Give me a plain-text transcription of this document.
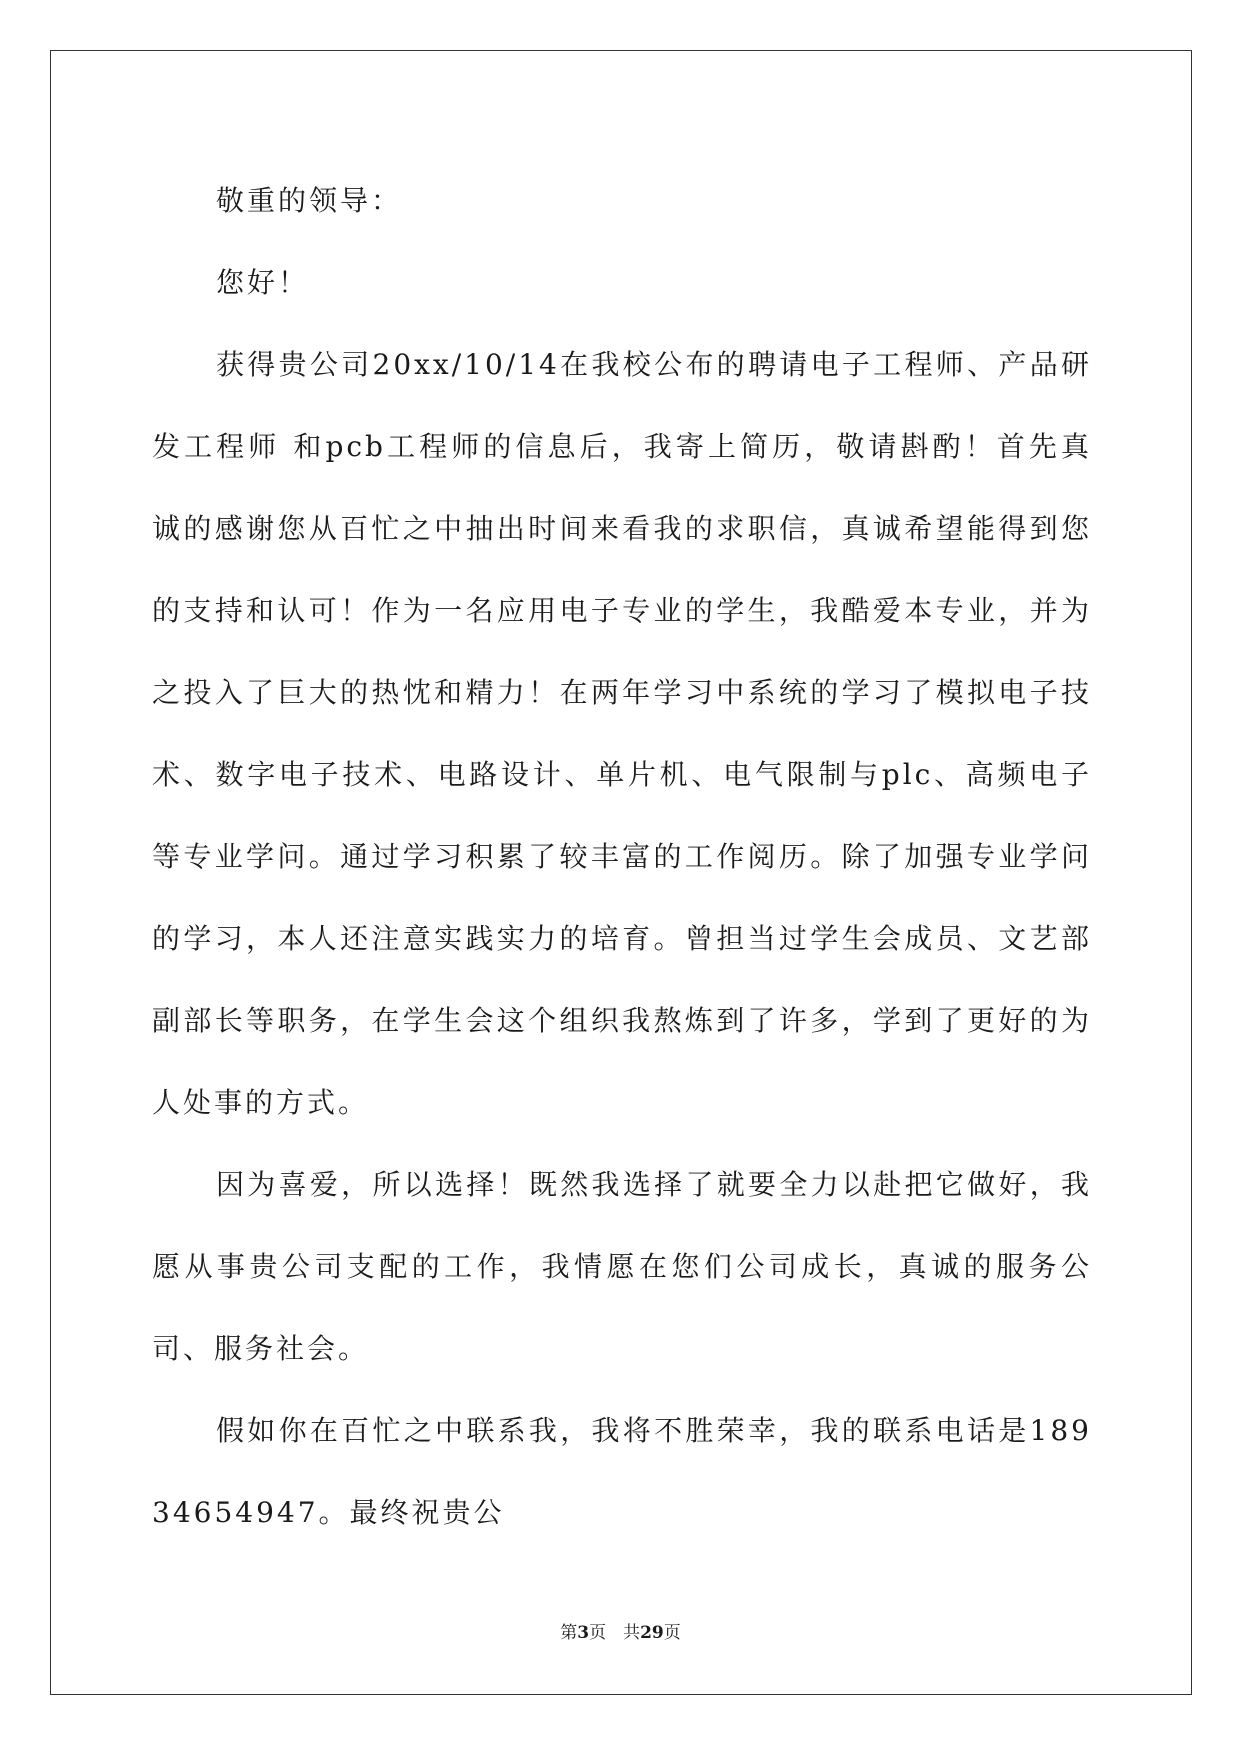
敬重的领导：

您好！

获得贵公司20xx/10/14在我校公布的聘请电子工程师、产品研发工程师 和pcb工程师的信息后，我寄上简历，敬请斟酌！首先真诚的感谢您从百忙之中抽出时间来看我的求职信，真诚希望能得到您的支持和认可！作为一名应用电子专业的学生，我酷爱本专业，并为之投入了巨大的热忱和精力！在两年学习中系统的学习了模拟电子技术、数字电子技术、电路设计、单片机、电气限制与plc、高频电子等专业学问。通过学习积累了较丰富的工作阅历。除了加强专业学问的学习，本人还注意实践实力的培育。曾担当过学生会成员、文艺部副部长等职务，在学生会这个组织我熬炼到了许多，学到了更好的为人处事的方式。

因为喜爱，所以选择！既然我选择了就要全力以赴把它做好，我愿从事贵公司支配的工作，我情愿在您们公司成长，真诚的服务公司、服务社会。

假如你在百忙之中联系我，我将不胜荣幸，我的联系电话是18934654947。最终祝贵公

第3页　共29页
